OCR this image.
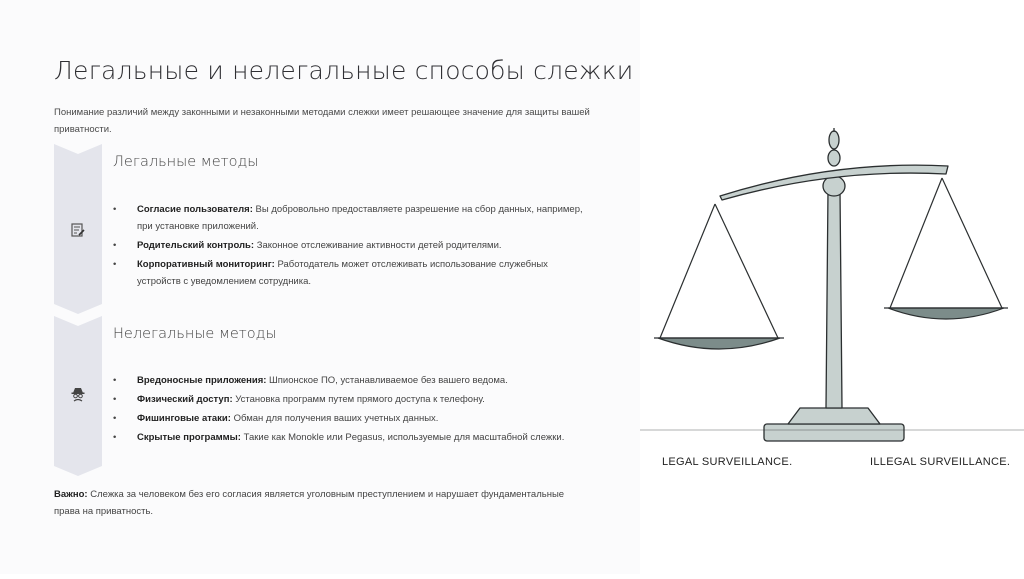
Легальные и нелегальные способы слежки
Понимание различий между законными и незаконными методами слежки имеет решающее значение для защиты вашей приватности.
Легальные методы
• Согласие пользователя: Вы добровольно предоставляете разрешение на сбор данных, например, при установке приложений.
• Родительский контроль: Законное отслеживание активности детей родителями.
• Корпоративный мониторинг: Работодатель может отслеживать использование служебных устройств с уведомлением сотрудника.
Нелегальные методы
• Вредоносные приложения: Шпионское ПО, устанавливаемое без вашего ведома.
• Физический доступ: Установка программ путем прямого доступа к телефону.
• Фишинговые атаки: Обман для получения ваших учетных данных.
• Скрытые программы: Такие как Monokle или Pegasus, используемые для масштабной слежки.
Важно: Слежка за человеком без его согласия является уголовным преступлением и нарушает фундаментальные права на приватность.
LEGAL SURVEILLANCE.	ILLEGAL SURVEILLANCE.
